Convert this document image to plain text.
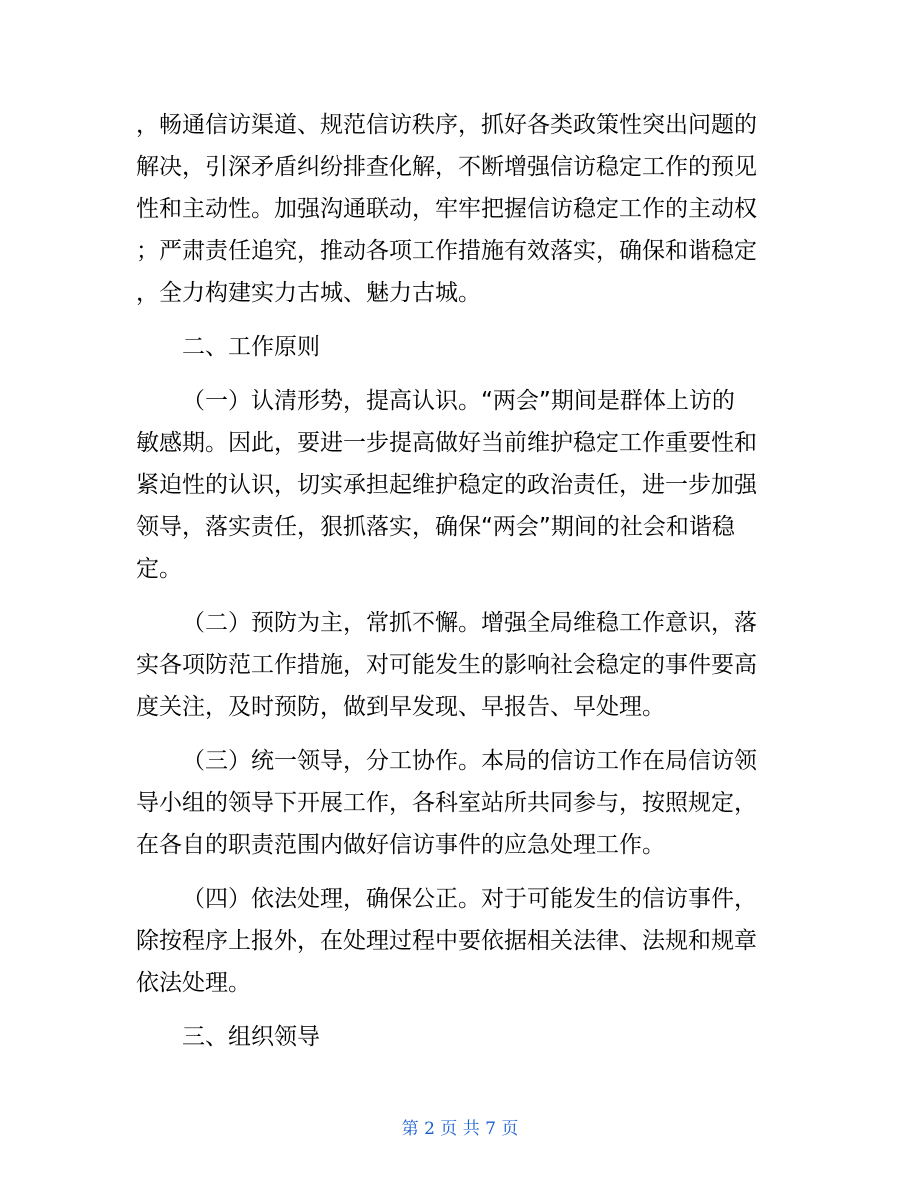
，畅通信访渠道、规范信访秩序，抓好各类政策性突出问题的
解决，引深矛盾纠纷排查化解，不断增强信访稳定工作的预见
性和主动性。加强沟通联动，牢牢把握信访稳定工作的主动权
；严肃责任追究，推动各项工作措施有效落实，确保和谐稳定
，全力构建实力古城、魅力古城。
二、工作原则
（一）认清形势，提高认识。“两会”期间是群体上访的
敏感期。因此，要进一步提高做好当前维护稳定工作重要性和
紧迫性的认识，切实承担起维护稳定的政治责任，进一步加强
领导，落实责任，狠抓落实，确保“两会”期间的社会和谐稳
定。
（二）预防为主，常抓不懈。增强全局维稳工作意识，落
实各项防范工作措施，对可能发生的影响社会稳定的事件要高
度关注，及时预防，做到早发现、早报告、早处理。
（三）统一领导，分工协作。本局的信访工作在局信访领
导小组的领导下开展工作，各科室站所共同参与，按照规定，
在各自的职责范围内做好信访事件的应急处理工作。
（四）依法处理，确保公正。对于可能发生的信访事件，
除按程序上报外，在处理过程中要依据相关法律、法规和规章
依法处理。
三、组织领导
第 2 页 共 7 页
